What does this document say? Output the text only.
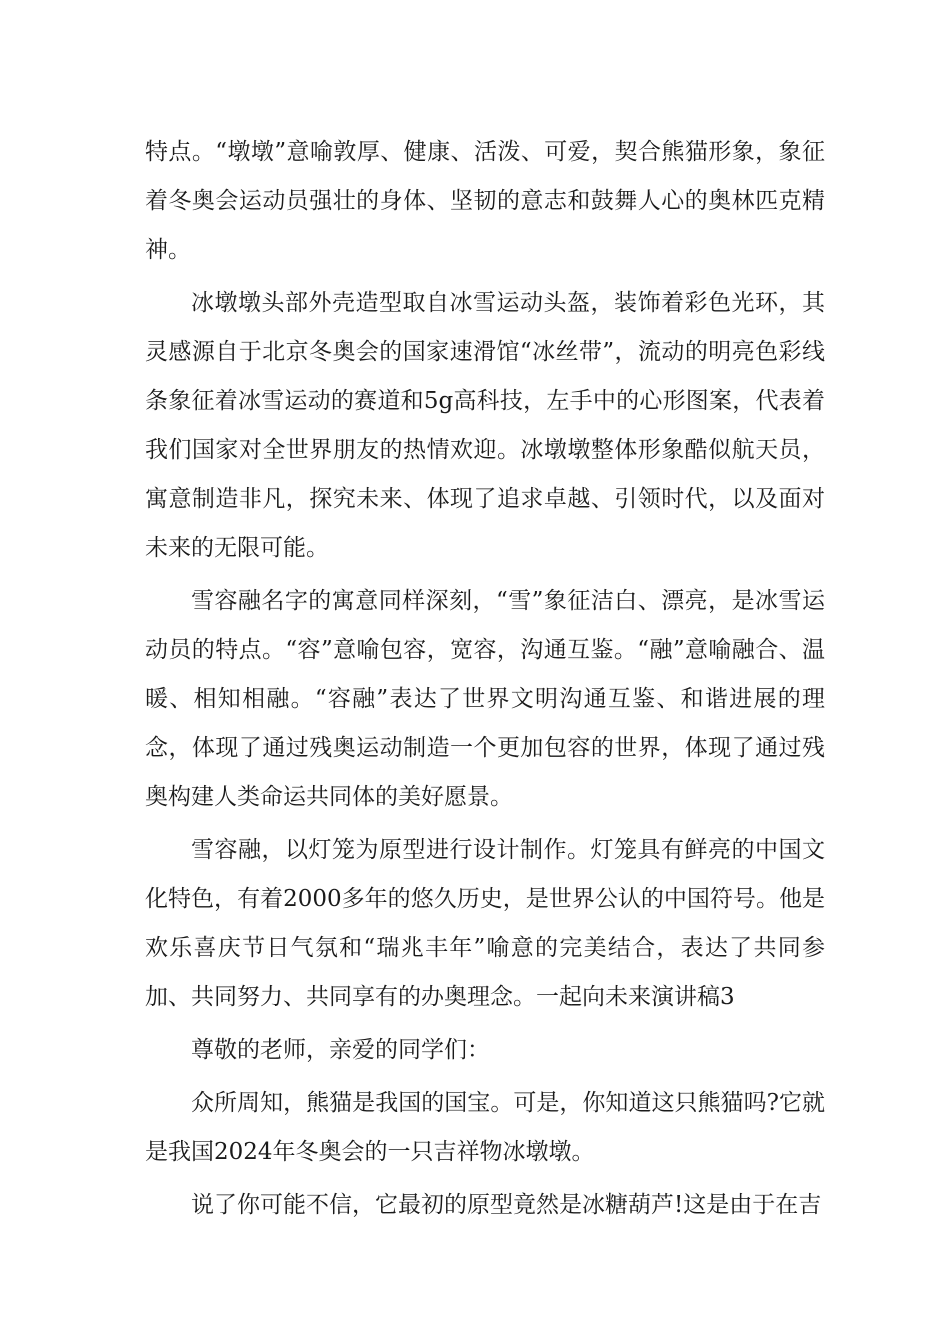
特点。“墩墩”意喻敦厚、健康、活泼、可爱，契合熊猫形象，象征着冬奥会运动员强壮的身体、坚韧的意志和鼓舞人心的奥林匹克精神。

冰墩墩头部外壳造型取自冰雪运动头盔，装饰着彩色光环，其灵感源自于北京冬奥会的国家速滑馆“冰丝带”，流动的明亮色彩线条象征着冰雪运动的赛道和5g高科技，左手中的心形图案，代表着我们国家对全世界朋友的热情欢迎。冰墩墩整体形象酷似航天员，寓意制造非凡，探究未来、体现了追求卓越、引领时代，以及面对未来的无限可能。

雪容融名字的寓意同样深刻，“雪”象征洁白、漂亮，是冰雪运动员的特点。“容”意喻包容，宽容，沟通互鉴。“融”意喻融合、温暖、相知相融。“容融”表达了世界文明沟通互鉴、和谐进展的理念，体现了通过残奥运动制造一个更加包容的世界，体现了通过残奥构建人类命运共同体的美好愿景。

雪容融，以灯笼为原型进行设计制作。灯笼具有鲜亮的中国文化特色，有着2000多年的悠久历史，是世界公认的中国符号。他是欢乐喜庆节日气氛和“瑞兆丰年”喻意的完美结合，表达了共同参加、共同努力、共同享有的办奥理念。一起向未来演讲稿3

尊敬的老师，亲爱的同学们：

众所周知，熊猫是我国的国宝。可是，你知道这只熊猫吗?它就是我国2024年冬奥会的一只吉祥物冰墩墩。

说了你可能不信，它最初的原型竟然是冰糖葫芦!这是由于在吉
